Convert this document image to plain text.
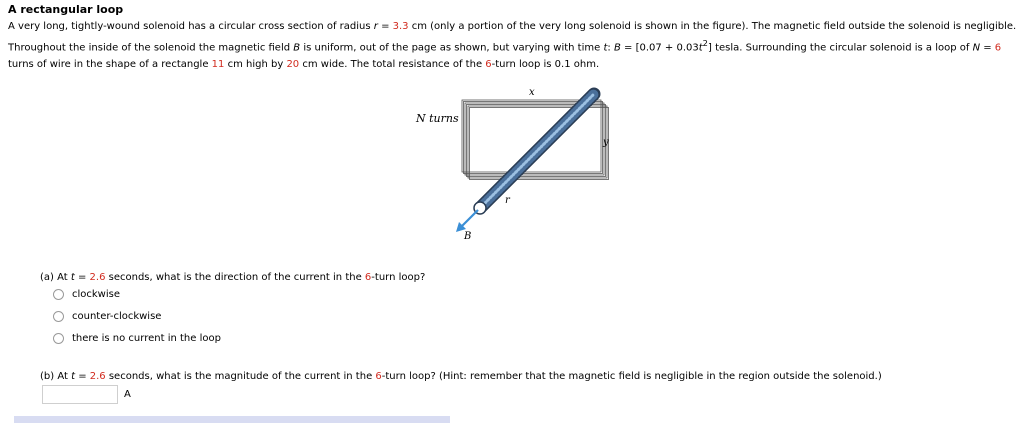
A rectangular loop
A very long, tightly-wound solenoid has a circular cross section of radius r = 3.3 cm (only a portion of the very long solenoid is shown in the figure). The magnetic field outside the solenoid is negligible. Throughout the inside of the solenoid the magnetic field B is uniform, out of the page as shown, but varying with time t: $B = [0.07 + 0.03t^2]$ tesla. Surrounding the circular solenoid is a loop of N = 6 turns of wire in the shape of a rectangle 11 cm high by 20 cm wide. The total resistance of the 6-turn loop is 0.1 ohm.
N turns
x
y
r
B
(a) At t = 2.6 seconds, what is the direction of the current in the 6-turn loop?
clockwise
counter-clockwise
there is no current in the loop
(b) At t = 2.6 seconds, what is the magnitude of the current in the 6-turn loop? (Hint: remember that the magnetic field is negligible in the region outside the solenoid.)
A
